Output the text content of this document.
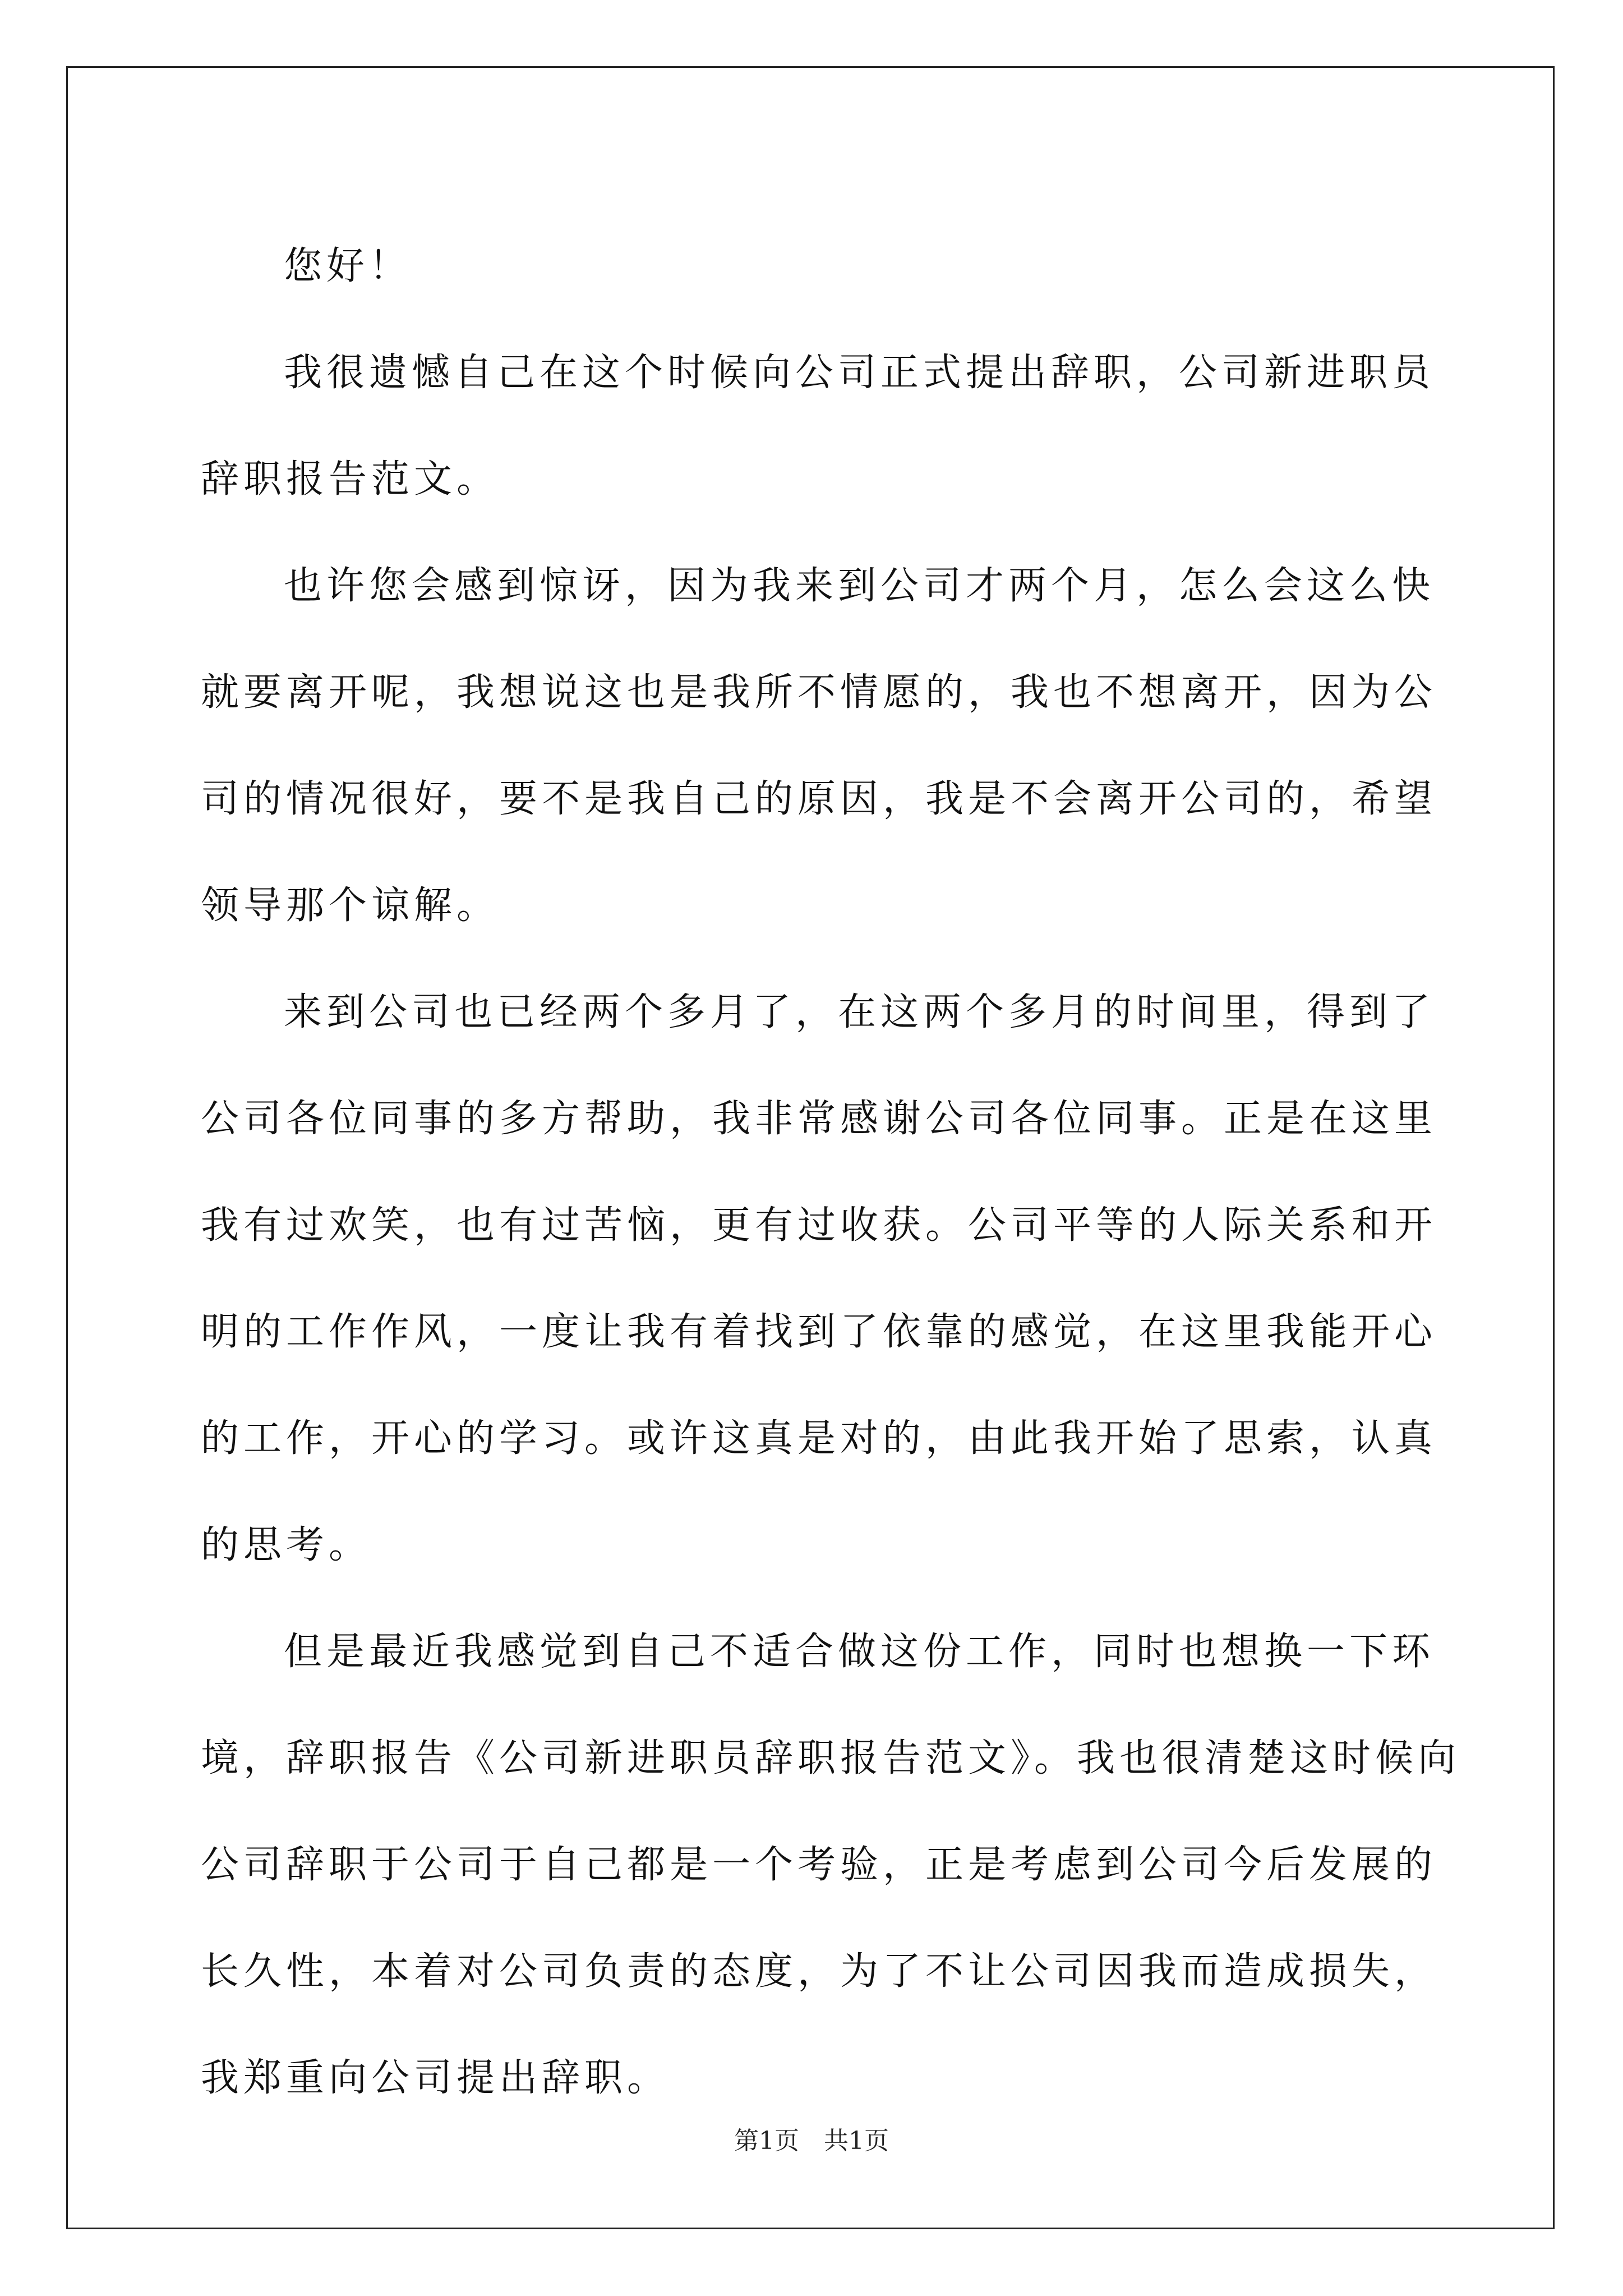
您好！

我很遗憾自己在这个时候向公司正式提出辞职，公司新进职员辞职报告范文。

也许您会感到惊讶，因为我来到公司才两个月，怎么会这么快就要离开呢，我想说这也是我所不情愿的，我也不想离开，因为公司的情况很好，要不是我自己的原因，我是不会离开公司的，希望领导那个谅解。

来到公司也已经两个多月了，在这两个多月的时间里，得到了公司各位同事的多方帮助，我非常感谢公司各位同事。正是在这里我有过欢笑，也有过苦恼，更有过收获。公司平等的人际关系和开明的工作作风，一度让我有着找到了依靠的感觉，在这里我能开心的工作，开心的学习。或许这真是对的，由此我开始了思索，认真的思考。

但是最近我感觉到自己不适合做这份工作，同时也想换一下环境，辞职报告《公司新进职员辞职报告范文》。我也很清楚这时候向公司辞职于公司于自己都是一个考验，正是考虑到公司今后发展的长久性，本着对公司负责的态度，为了不让公司因我而造成损失，我郑重向公司提出辞职。

第1页　共1页
